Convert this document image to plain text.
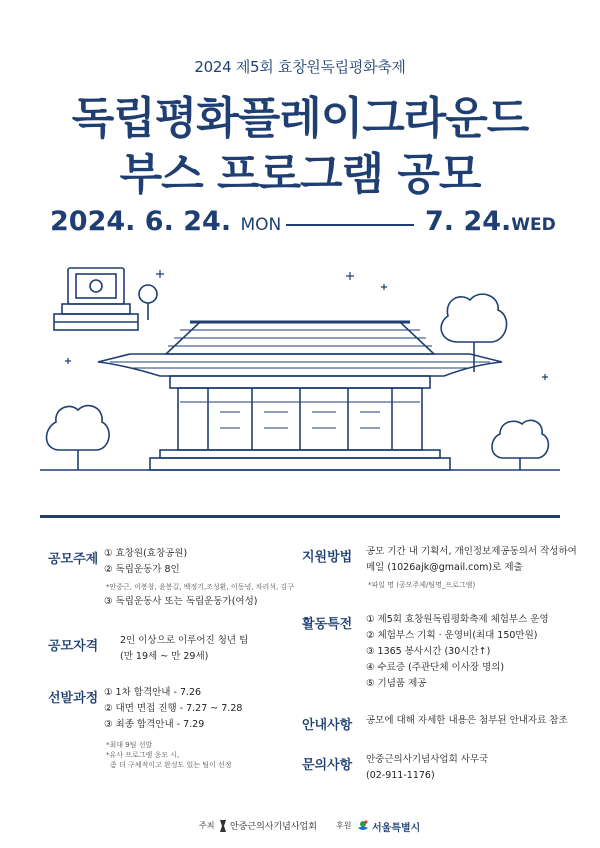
2024 제5회 효창원독립평화축제
독립평화플레이그라운드
부스 프로그램 공모
2024. 6. 24. MON	7. 24.WED
공모주제 ① 효창원(효창공원)
② 독립운동가 8인
*안중근, 이봉창, 윤봉길, 백정기,조성환, 이동녕, 차리석, 김구
③ 독립운동사 또는 독립운동가(여성)
공모자격 2인 이상으로 이루어진 청년 팀
(만 19세 ~ 만 29세)
선발과정 ① 1차 합격안내 - 7.26
② 대면 면접 진행 - 7.27 ~ 7.28
③ 최종 합격안내 - 7.29
*최대 9팀 선발
*유사 프로그램 응모 시,
좀 더 구체적이고 완성도 있는 팀이 선정
지원방법 공모 기간 내 기획서, 개인정보제공동의서 작성하여
메일 (1026ajk@gmail.com)로 제출
*파일 명 (공모주제/팀명_프로그램)
활동특전 ① 제5회 효창원독립평화축제 체험부스 운영
② 체험부스 기획 · 운영비(최대 150만원)
③ 1365 봉사시간 (30시간↑)
④ 수료증 (주관단체 이사장 명의)
⑤ 기념품 제공
안내사항 공모에 대해 자세한 내용은 첨부된 안내자료 참조
문의사항 안중근의사기념사업회 사무국
(02-911-1176)
주최 안중근의사기념사업회 후원 서울특별시
